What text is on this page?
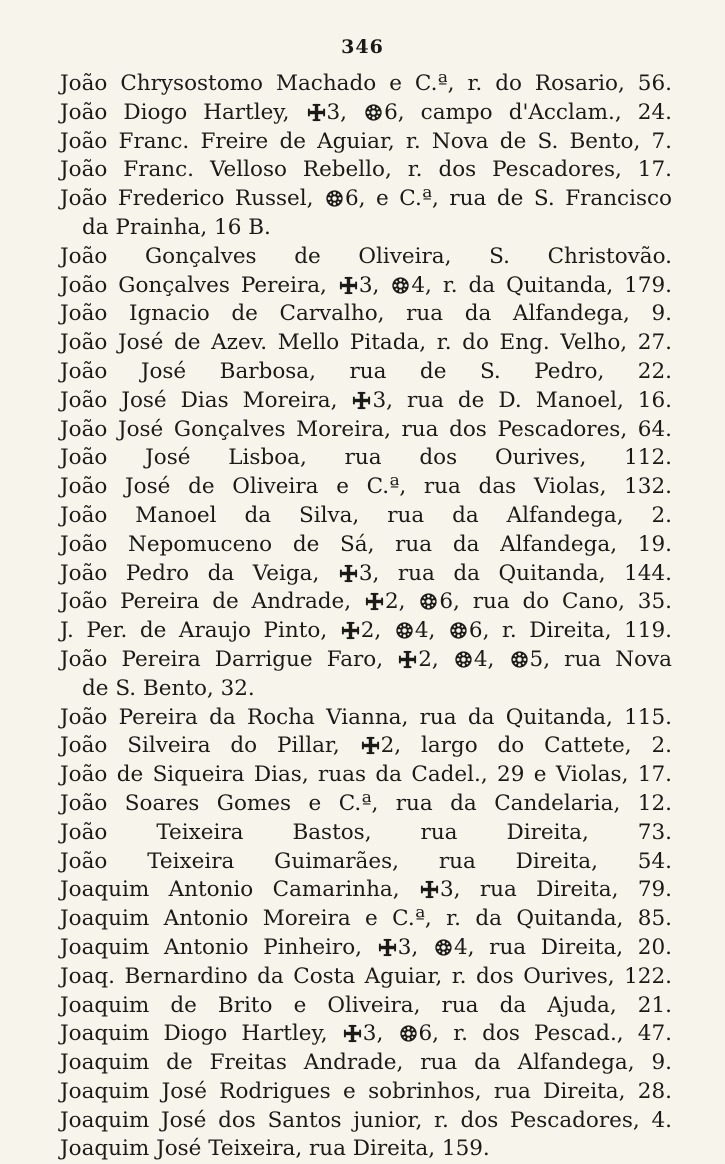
346
João Chrysostomo Machado e C.ª, r. do Rosario, 56.
João Diogo Hartley,
3,
6, campo d'Acclam., 24.
João Franc. Freire de Aguiar, r. Nova de S. Bento, 7.
João Franc. Velloso Rebello, r. dos Pescadores, 17.
João Frederico Russel,
6, e C.ª, rua de S. Francisco
da Prainha, 16 B.
João Gonçalves de Oliveira, S. Christovão.
João Gonçalves Pereira,
3,
4, r. da Quitanda, 179.
João Ignacio de Carvalho, rua da Alfandega, 9.
João José de Azev. Mello Pitada, r. do Eng. Velho, 27.
João José Barbosa, rua de S. Pedro, 22.
João José Dias Moreira,
3, rua de D. Manoel, 16.
João José Gonçalves Moreira, rua dos Pescadores, 64.
João José Lisboa, rua dos Ourives, 112.
João José de Oliveira e C.ª, rua das Violas, 132.
João Manoel da Silva, rua da Alfandega, 2.
João Nepomuceno de Sá, rua da Alfandega, 19.
João Pedro da Veiga,
3, rua da Quitanda, 144.
João Pereira de Andrade,
2,
6, rua do Cano, 35.
J. Per. de Araujo Pinto,
2,
4,
6, r. Direita, 119.
João Pereira Darrigue Faro,
2,
4,
5, rua Nova
de S. Bento, 32.
João Pereira da Rocha Vianna, rua da Quitanda, 115.
João Silveira do Pillar,
2, largo do Cattete, 2.
João de Siqueira Dias, ruas da Cadel., 29 e Violas, 17.
João Soares Gomes e C.ª, rua da Candelaria, 12.
João Teixeira Bastos, rua Direita, 73.
João Teixeira Guimarães, rua Direita, 54.
Joaquim Antonio Camarinha,
3, rua Direita, 79.
Joaquim Antonio Moreira e C.ª, r. da Quitanda, 85.
Joaquim Antonio Pinheiro,
3,
4, rua Direita, 20.
Joaq. Bernardino da Costa Aguiar, r. dos Ourives, 122.
Joaquim de Brito e Oliveira, rua da Ajuda, 21.
Joaquim Diogo Hartley,
3,
6, r. dos Pescad., 47.
Joaquim de Freitas Andrade, rua da Alfandega, 9.
Joaquim José Rodrigues e sobrinhos, rua Direita, 28.
Joaquim José dos Santos junior, r. dos Pescadores, 4.
Joaquim José Teixeira, rua Direita, 159.
